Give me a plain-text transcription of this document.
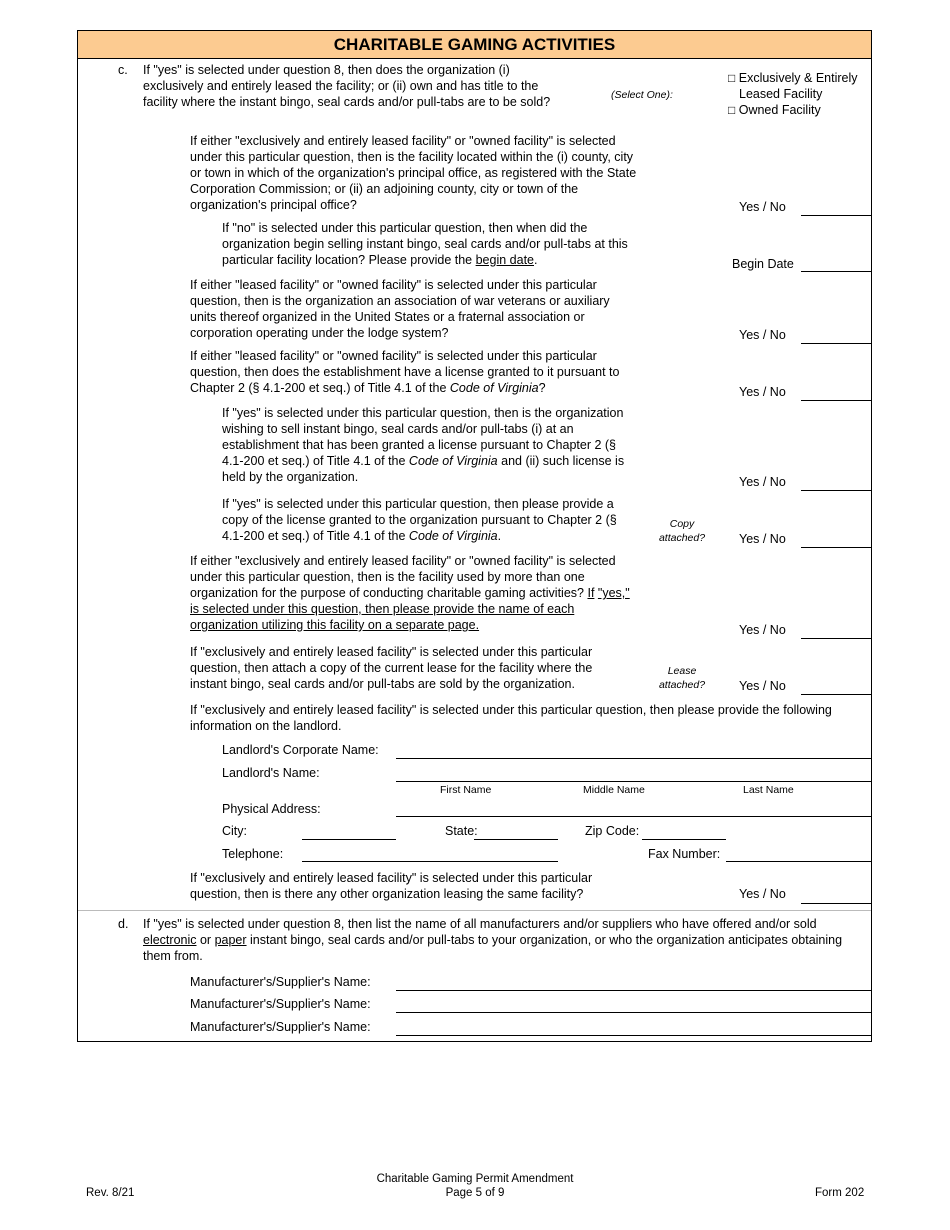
CHARITABLE GAMING ACTIVITIES
c. If "yes" is selected under question 8, then does the organization (i) exclusively and entirely leased the facility; or (ii) own and has title to the facility where the instant bingo, seal cards and/or pull-tabs are to be sold?	(Select One):
□ Exclusively & Entirely
Leased Facility
□ Owned Facility
If either "exclusively and entirely leased facility" or "owned facility" is selected under this particular question, then is the facility located within the (i) county, city or town in which of the organization's principal office, as registered with the State Corporation Commission; or (ii) an adjoining county, city or town of the organization's principal office?	Yes / No
If "no" is selected under this particular question, then when did the organization begin selling instant bingo, seal cards and/or pull-tabs at this particular facility location? Please provide the begin date.	Begin Date
If either "leased facility" or "owned facility" is selected under this particular question, then is the organization an association of war veterans or auxiliary units thereof organized in the United States or a fraternal association or corporation operating under the lodge system?	Yes / No
If either "leased facility" or "owned facility" is selected under this particular question, then does the establishment have a license granted to it pursuant to Chapter 2 (§ 4.1-200 et seq.) of Title 4.1 of the Code of Virginia?	Yes / No
If "yes" is selected under this particular question, then is the organization wishing to sell instant bingo, seal cards and/or pull-tabs (i) at an establishment that has been granted a license pursuant to Chapter 2 (§ 4.1-200 et seq.) of Title 4.1 of the Code of Virginia and (ii) such license is held by the organization.	Yes / No
If "yes" is selected under this particular question, then please provide a copy of the license granted to the organization pursuant to Chapter 2 (§ 4.1-200 et seq.) of Title 4.1 of the Code of Virginia.
Copy
attached?	Yes / No
If either "exclusively and entirely leased facility" or "owned facility" is selected under this particular question, then is the facility used by more than one organization for the purpose of conducting charitable gaming activities? If "yes," is selected under this question, then please provide the name of each organization utilizing this facility on a separate page.	Yes / No
If "exclusively and entirely leased facility" is selected under this particular question, then attach a copy of the current lease for the facility where the instant bingo, seal cards and/or pull-tabs are sold by the organization.
Lease
attached?	Yes / No
If "exclusively and entirely leased facility" is selected under this particular question, then please provide the following information on the landlord.
Landlord's Corporate Name:
Landlord's Name:
First Name	Middle Name	Last Name
Physical Address:
City:	State:	Zip Code:
Telephone:	Fax Number:
If "exclusively and entirely leased facility" is selected under this particular question, then is there any other organization leasing the same facility?	Yes / No
d. If "yes" is selected under question 8, then list the name of all manufacturers and/or suppliers who have offered and/or sold electronic or paper instant bingo, seal cards and/or pull-tabs to your organization, or who the organization anticipates obtaining them from.
Manufacturer's/Supplier's Name:
Manufacturer's/Supplier's Name:
Manufacturer's/Supplier's Name:
Rev. 8/21
Charitable Gaming Permit Amendment
Page 5 of 9	Form 202
